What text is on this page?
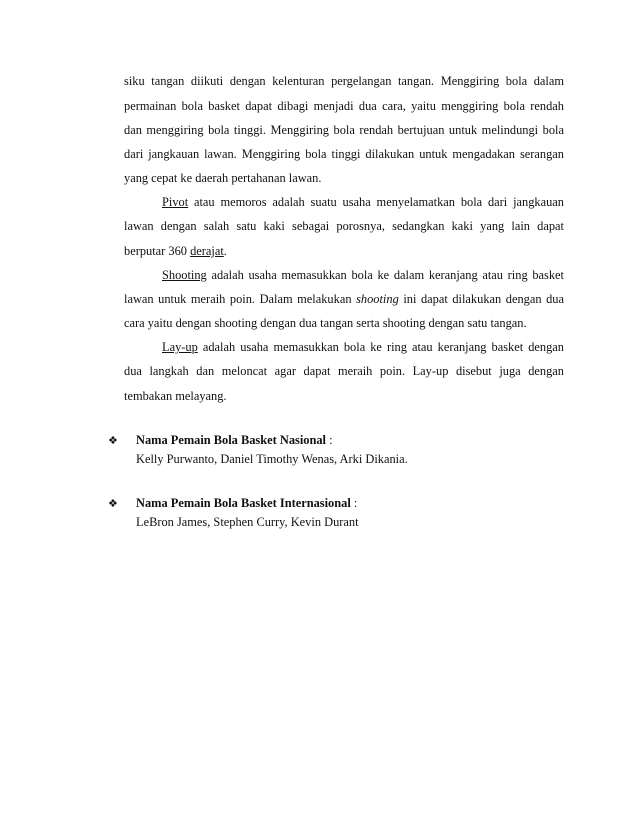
siku tangan diikuti dengan kelenturan pergelangan tangan. Menggiring bola dalam
permainan bola basket dapat dibagi menjadi dua cara, yaitu menggiring bola rendah
dan menggiring bola tinggi. Menggiring bola rendah bertujuan untuk melindungi bola
dari jangkauan lawan. Menggiring bola tinggi dilakukan untuk mengadakan serangan
yang cepat ke daerah pertahanan lawan.
Pivot atau memoros adalah suatu usaha menyelamatkan bola dari jangkauan
lawan dengan salah satu kaki sebagai porosnya, sedangkan kaki yang lain dapat
berputar 360 derajat.
Shooting adalah usaha memasukkan bola ke dalam keranjang atau ring basket
lawan untuk meraih poin. Dalam melakukan shooting ini dapat dilakukan dengan dua
cara yaitu dengan shooting dengan dua tangan serta shooting dengan satu tangan.
Lay-up adalah usaha memasukkan bola ke ring atau keranjang basket dengan
dua langkah dan meloncat agar dapat meraih poin. Lay-up disebut juga dengan
tembakan melayang.
❖ Nama Pemain Bola Basket Nasional :
Kelly Purwanto, Daniel Timothy Wenas, Arki Dikania.
❖ Nama Pemain Bola Basket Internasional :
LeBron James, Stephen Curry, Kevin Durant
